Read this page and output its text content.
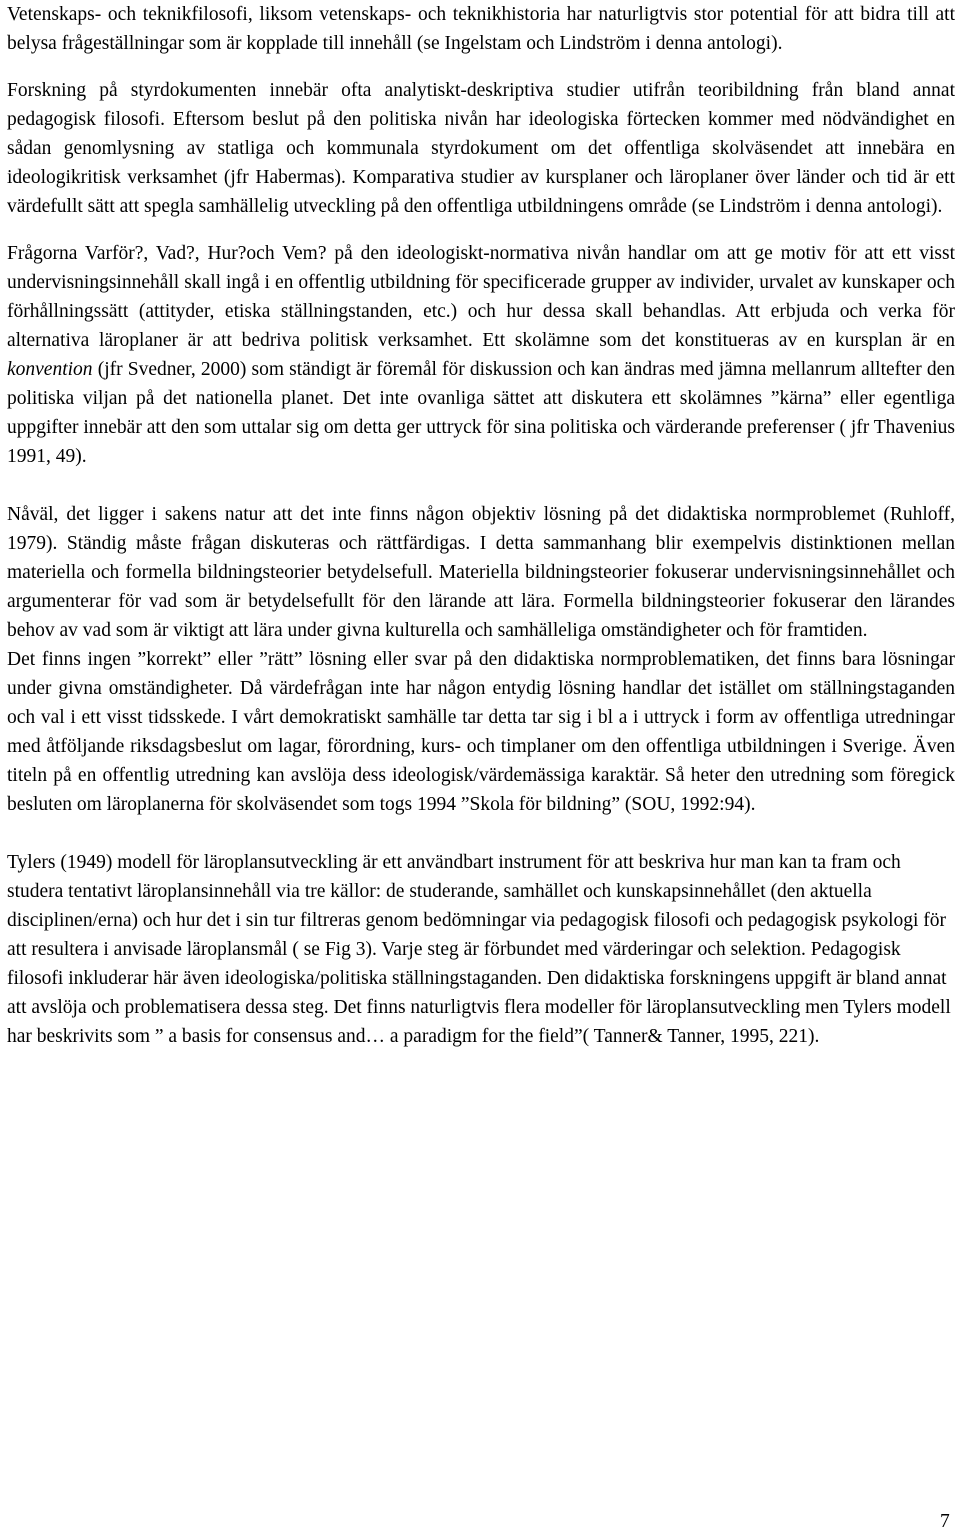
Vetenskaps- och teknikfilosofi, liksom vetenskaps- och teknikhistoria har naturligtvis stor potential för att bidra till att belysa frågeställningar som är kopplade till innehåll (se Ingelstam och Lindström i denna antologi).

Forskning på styrdokumenten innebär ofta analytiskt-deskriptiva studier utifrån teoribildning från bland annat pedagogisk filosofi. Eftersom beslut på den politiska nivån har ideologiska förtecken kommer med nödvändighet en sådan genomlysning av statliga och kommunala styrdokument om det offentliga skolväsendet att innebära en ideologikritisk verksamhet (jfr Habermas). Komparativa studier av kursplaner och läroplaner över länder och tid är ett värdefullt sätt att spegla samhällelig utveckling på den offentliga utbildningens område (se Lindström i denna antologi).

Frågorna Varför?, Vad?, Hur?och Vem? på den ideologiskt-normativa nivån handlar om att ge motiv för att ett visst undervisningsinnehåll skall ingå i en offentlig utbildning för specificerade grupper av individer, urvalet av kunskaper och förhållningssätt (attityder, etiska ställningstanden, etc.) och hur dessa skall behandlas. Att erbjuda och verka för alternativa läroplaner är att bedriva politisk verksamhet. Ett skolämne som det konstitueras av en kursplan är en konvention (jfr Svedner, 2000) som ständigt är föremål för diskussion och kan ändras med jämna mellanrum alltefter den politiska viljan på det nationella planet. Det inte ovanliga sättet att diskutera ett skolämnes ”kärna” eller egentliga uppgifter innebär att den som uttalar sig om detta ger uttryck för sina politiska och värderande preferenser ( jfr Thavenius 1991, 49).

Nåväl, det ligger i sakens natur att det inte finns någon objektiv lösning på det didaktiska normproblemet (Ruhloff, 1979). Ständig måste frågan diskuteras och rättfärdigas. I detta sammanhang blir exempelvis distinktionen mellan materiella och formella bildningsteorier betydelsefull. Materiella bildningsteorier fokuserar undervisningsinnehållet och argumenterar för vad som är betydelsefullt för den lärande att lära. Formella bildningsteorier fokuserar den lärandes behov av vad som är viktigt att lära under givna kulturella och samhälleliga omständigheter och för framtiden.

Det finns ingen ”korrekt” eller ”rätt” lösning eller svar på den didaktiska normproblematiken, det finns bara lösningar under givna omständigheter. Då värdefrågan inte har någon entydig lösning handlar det istället om ställningstaganden och val i ett visst tidsskede. I vårt demokratiskt samhälle tar detta tar sig i bl a i uttryck i form av offentliga utredningar med åtföljande riksdagsbeslut om lagar, förordning, kurs- och timplaner om den offentliga utbildningen i Sverige. Även titeln på en offentlig utredning kan avslöja dess ideologisk/värdemässiga karaktär. Så heter den utredning som föregick besluten om läroplanerna för skolväsendet som togs 1994 ”Skola för bildning” (SOU, 1992:94).

Tylers (1949) modell för läroplansutveckling är ett användbart instrument för att beskriva hur man kan ta fram och studera tentativt läroplansinnehåll via tre källor: de studerande, samhället och kunskapsinnehållet (den aktuella disciplinen/erna) och hur det i sin tur filtreras genom bedömningar via pedagogisk filosofi och pedagogisk psykologi för att resultera i anvisade läroplansmål ( se Fig 3). Varje steg är förbundet med värderingar och selektion. Pedagogisk filosofi inkluderar här även ideologiska/politiska ställningstaganden. Den didaktiska forskningens uppgift är bland annat att avslöja och problematisera dessa steg. Det finns naturligtvis flera modeller för läroplansutveckling men Tylers modell har beskrivits som ” a basis for consensus and… a paradigm for the field”( Tanner& Tanner, 1995, 221).

7
